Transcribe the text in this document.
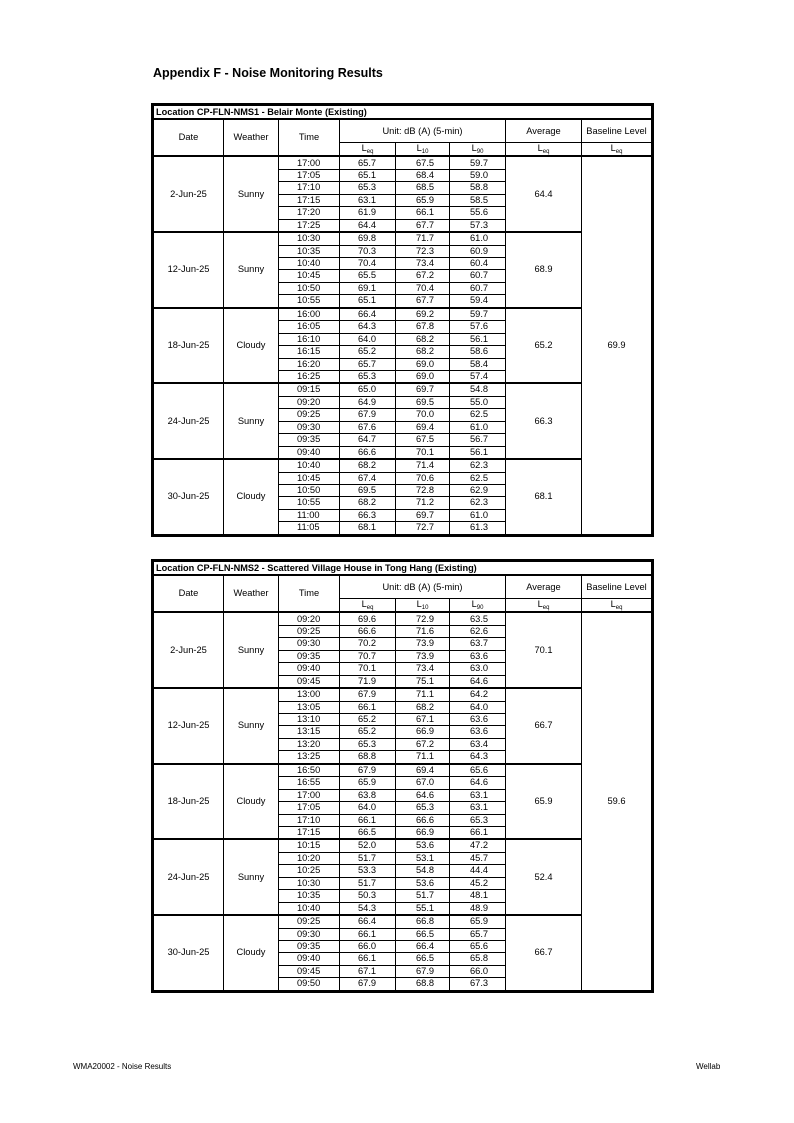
Appendix F - Noise Monitoring Results
Location CP-FLN-NMS1 - Belair Monte (Existing)							
Date	Weather	Time	Unit: dB (A) (5-min)			Average	Baseline Level
			$L_{eq}$	$L_{10}$	$L_{90}$	$L_{eq}$	$L_{eq}$
2-Jun-25	Sunny	17:00	65.7	67.5	59.7	64.4	69.9
		17:05	65.1	68.4	59.0		
		17:10	65.3	68.5	58.8		
		17:15	63.1	65.9	58.5		
		17:20	61.9	66.1	55.6		
		17:25	64.4	67.7	57.3		
12-Jun-25	Sunny	10:30	69.8	71.7	61.0	68.9	
		10:35	70.3	72.3	60.9		
		10:40	70.4	73.4	60.4		
		10:45	65.5	67.2	60.7		
		10:50	69.1	70.4	60.7		
		10:55	65.1	67.7	59.4		
18-Jun-25	Cloudy	16:00	66.4	69.2	59.7	65.2	
		16:05	64.3	67.8	57.6		
		16:10	64.0	68.2	56.1		
		16:15	65.2	68.2	58.6		
		16:20	65.7	69.0	58.4		
		16:25	65.3	69.0	57.4		
24-Jun-25	Sunny	09:15	65.0	69.7	54.8	66.3	
		09:20	64.9	69.5	55.0		
		09:25	67.9	70.0	62.5		
		09:30	67.6	69.4	61.0		
		09:35	64.7	67.5	56.7		
		09:40	66.6	70.1	56.1		
30-Jun-25	Cloudy	10:40	68.2	71.4	62.3	68.1	
		10:45	67.4	70.6	62.5		
		10:50	69.5	72.8	62.9		
		10:55	68.2	71.2	62.3		
		11:00	66.3	69.7	61.0		
		11:05	68.1	72.7	61.3		
Location CP-FLN-NMS2 - Scattered Village House in Tong Hang (Existing)							
Date	Weather	Time	Unit: dB (A) (5-min)			Average	Baseline Level
			$L_{eq}$	$L_{10}$	$L_{90}$	$L_{eq}$	$L_{eq}$
2-Jun-25	Sunny	09:20	69.6	72.9	63.5	70.1	59.6
		09:25	66.6	71.6	62.6		
		09:30	70.2	73.9	63.7		
		09:35	70.7	73.9	63.6		
		09:40	70.1	73.4	63.0		
		09:45	71.9	75.1	64.6		
12-Jun-25	Sunny	13:00	67.9	71.1	64.2	66.7	
		13:05	66.1	68.2	64.0		
		13:10	65.2	67.1	63.6		
		13:15	65.2	66.9	63.6		
		13:20	65.3	67.2	63.4		
		13:25	68.8	71.1	64.3		
18-Jun-25	Cloudy	16:50	67.9	69.4	65.6	65.9	
		16:55	65.9	67.0	64.6		
		17:00	63.8	64.6	63.1		
		17:05	64.0	65.3	63.1		
		17:10	66.1	66.6	65.3		
		17:15	66.5	66.9	66.1		
24-Jun-25	Sunny	10:15	52.0	53.6	47.2	52.4	
		10:20	51.7	53.1	45.7		
		10:25	53.3	54.8	44.4		
		10:30	51.7	53.6	45.2		
		10:35	50.3	51.7	48.1		
		10:40	54.3	55.1	48.9		
30-Jun-25	Cloudy	09:25	66.4	66.8	65.9	66.7	
		09:30	66.1	66.5	65.7		
		09:35	66.0	66.4	65.6		
		09:40	66.1	66.5	65.8		
		09:45	67.1	67.9	66.0		
		09:50	67.9	68.8	67.3		
WMA20002 - Noise Results	Wellab
